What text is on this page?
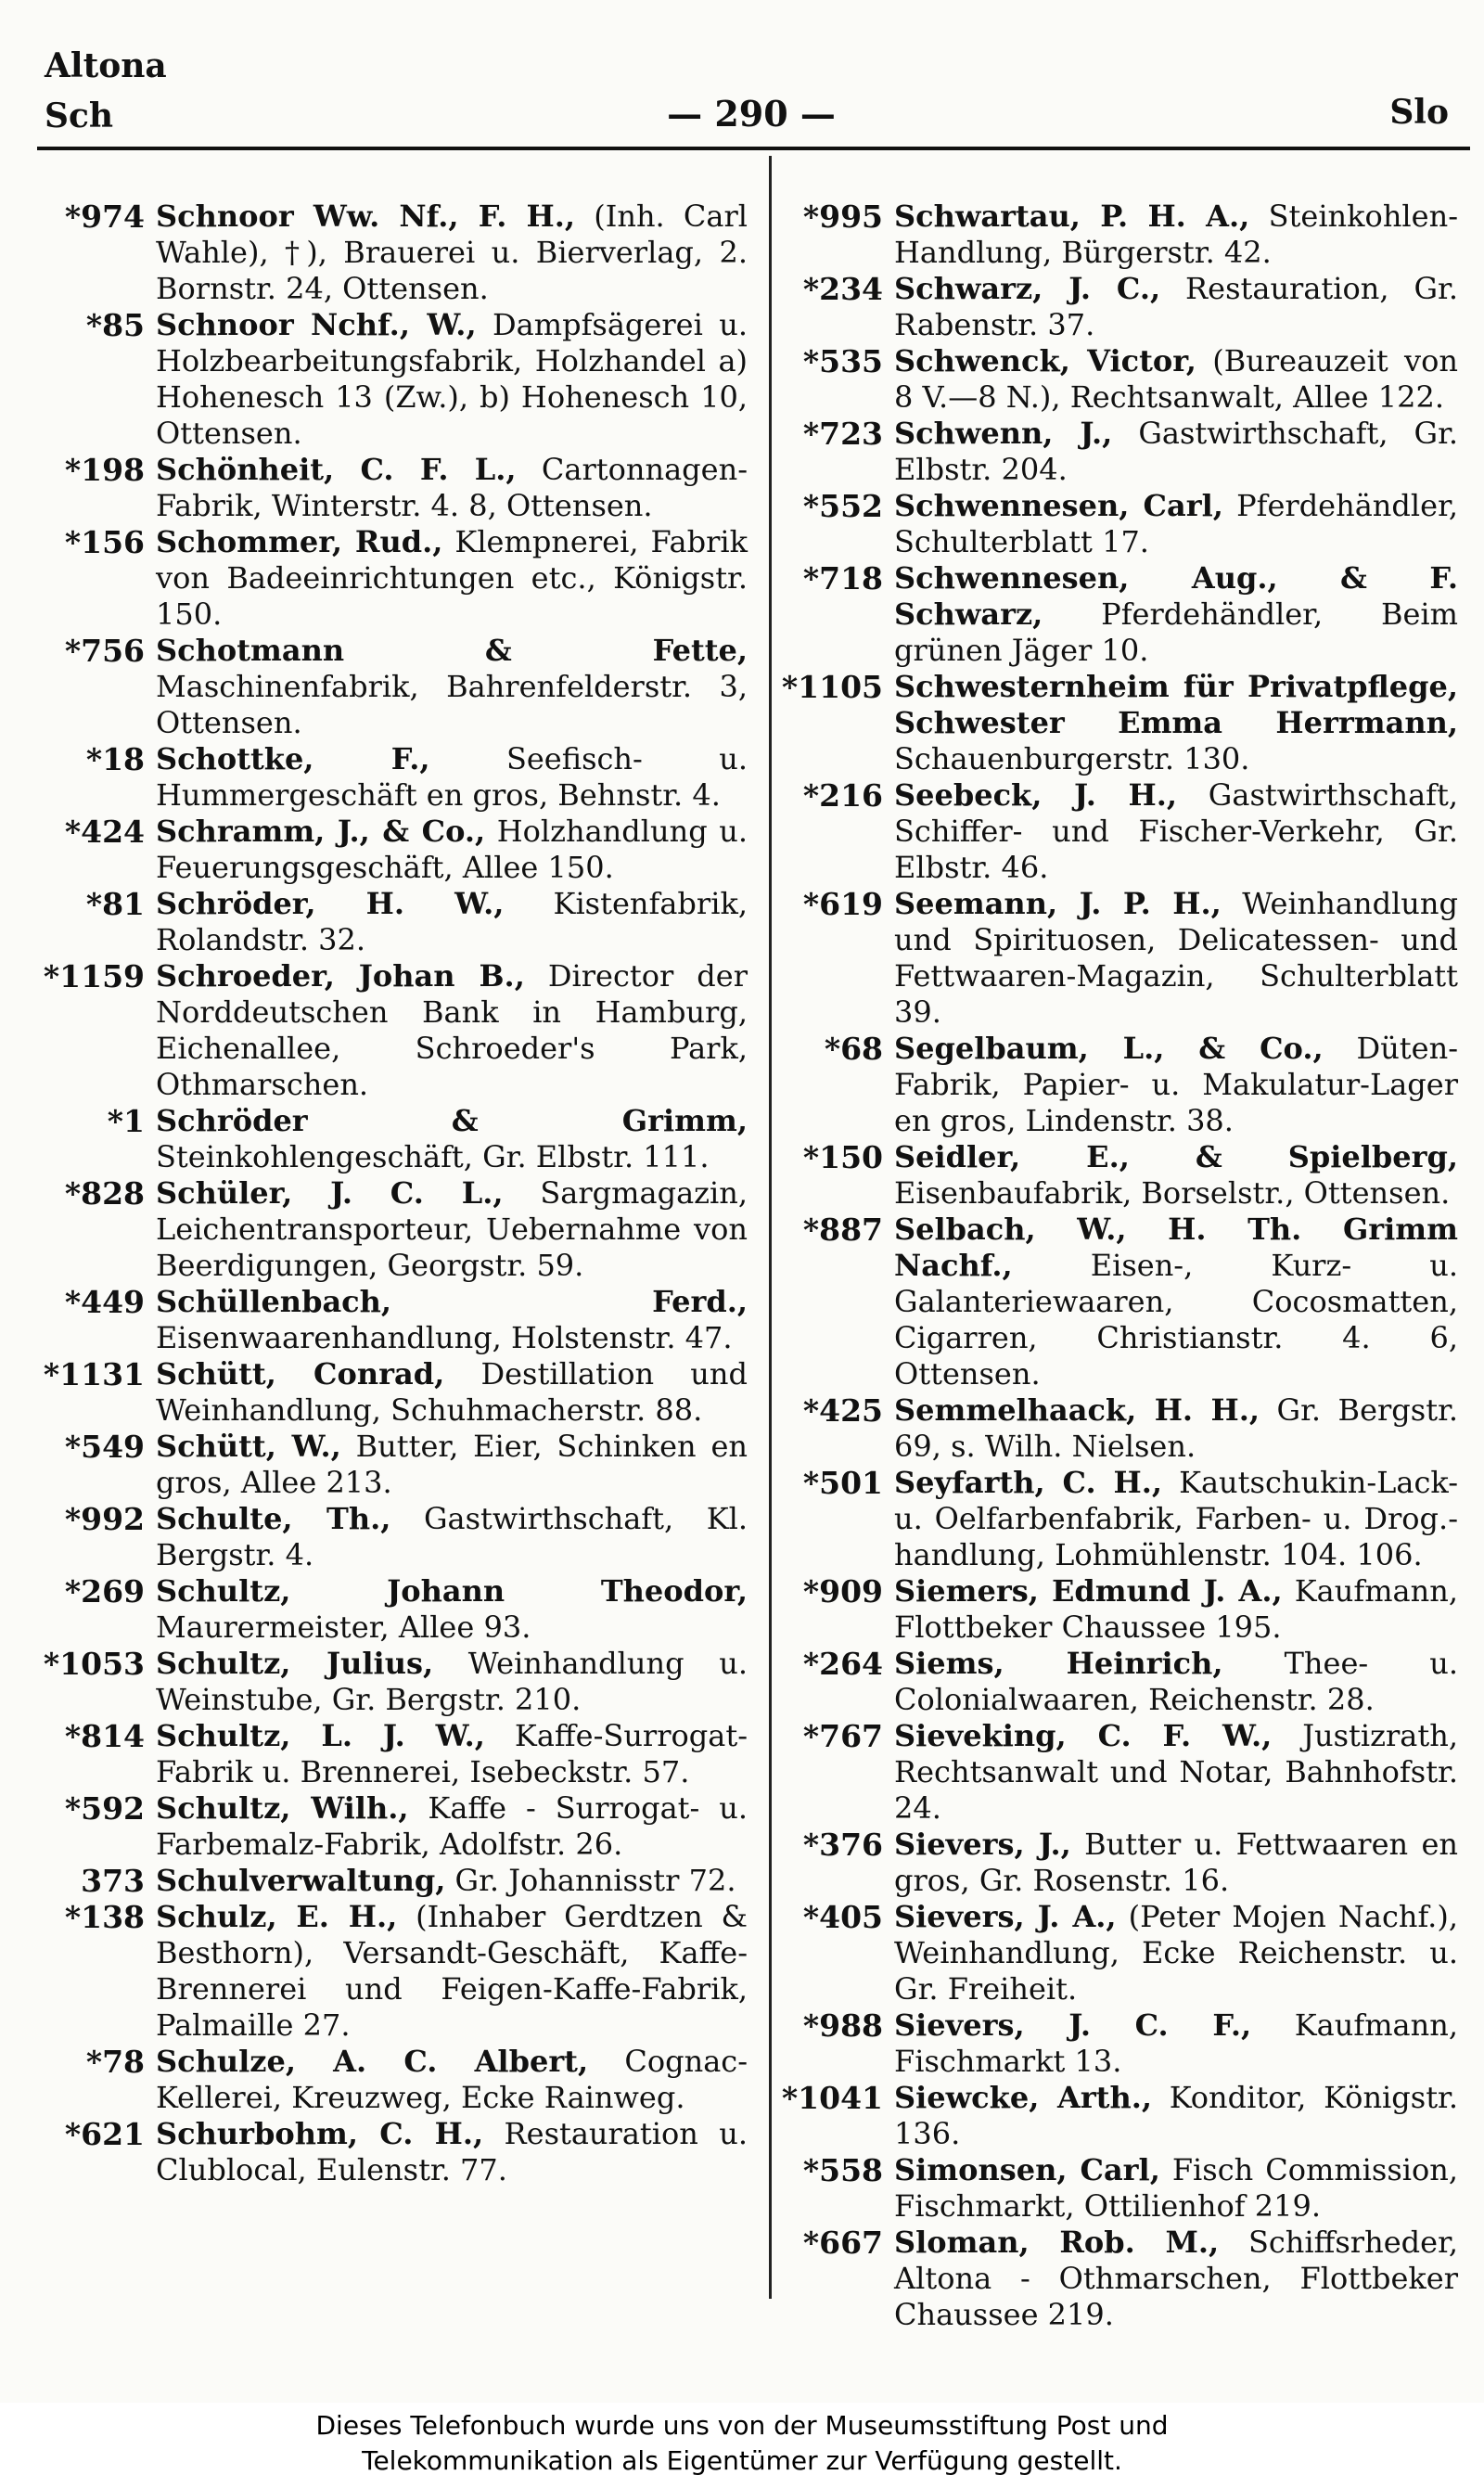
Altona
Sch	— 290 —	Slo
*974 Schnoor Ww. Nf., F. H., (Inh. Carl Wahle), †), Brauerei u. Bierverlag, 2. Bornstr. 24, Ottensen.
*85 Schnoor Nchf., W., Dampfsägerei u. Holzbearbeitungsfabrik, Holzhandel a) Hohenesch 13 (Zw.), b) Hohenesch 10, Ottensen.
*198 Schönheit, C. F. L., Cartonnagen-Fabrik, Winterstr. 4. 8, Ottensen.
*156 Schommer, Rud., Klempnerei, Fabrik von Badeeinrichtungen etc., Königstr. 150.
*756 Schotmann & Fette, Maschinenfabrik, Bahrenfelderstr. 3, Ottensen.
*18 Schottke, F.,	Seefisch- u. Hummergeschäft en gros, Behnstr. 4.
*424 Schramm, J., & Co., Holzhandlung u. Feuerungsgeschäft, Allee 150.
*81 Schröder, H. W., Kistenfabrik, Rolandstr. 32.
*1159 Schroeder, Johan B., Director der Norddeutschen Bank in Hamburg, Eichenallee, Schroeder's Park, Othmarschen.
*1 Schröder & Grimm, Steinkohlengeschäft, Gr. Elbstr. 111.
*828 Schüler, J. C. L., Sargmagazin, Leichentransporteur, Uebernahme von Beerdigungen, Georgstr. 59.
*449 Schüllenbach, Ferd., Eisenwaarenhandlung, Holstenstr. 47.
*1131 Schütt, Conrad, Destillation und Weinhandlung, Schuhmacherstr. 88.
*549 Schütt, W., Butter, Eier, Schinken en gros, Allee 213.
*992 Schulte, Th., Gastwirthschaft, Kl. Bergstr. 4.
*269 Schultz, Johann Theodor, Maurermeister, Allee 93.
*1053 Schultz, Julius, Weinhandlung u. Weinstube, Gr. Bergstr. 210.
*814 Schultz, L. J. W., Kaffe-Surrogat-Fabrik u. Brennerei, Isebeckstr. 57.
*592 Schultz, Wilh., Kaffe - Surrogat- u. Farbemalz-Fabrik, Adolfstr. 26.
373 Schulverwaltung, Gr. Johannisstr 72.
*138 Schulz, E. H., (Inhaber Gerdtzen & Besthorn), Versandt-Geschäft, Kaffe-Brennerei und Feigen-Kaffe-Fabrik, Palmaille 27.
*78 Schulze, A. C. Albert, Cognac-Kellerei, Kreuzweg, Ecke Rainweg.
*621 Schurbohm, C. H., Restauration u. Clublocal, Eulenstr. 77.
*995 Schwartau, P. H. A., Steinkohlen-Handlung, Bürgerstr. 42.
*234 Schwarz, J. C., Restauration, Gr. Rabenstr. 37.
*535 Schwenck, Victor, (Bureauzeit von 8 V.—8 N.), Rechtsanwalt, Allee 122.
*723 Schwenn, J., Gastwirthschaft, Gr. Elbstr. 204.
*552 Schwennesen, Carl, Pferdehändler, Schulterblatt 17.
*718 Schwennesen, Aug., & F. Schwarz, Pferdehändler, Beim grünen Jäger 10.
*1105 Schwesternheim für Privatpflege, Schwester Emma Herrmann, Schauenburgerstr. 130.
*216 Seebeck, J. H., Gastwirthschaft, Schiffer- und Fischer-Verkehr, Gr. Elbstr. 46.
*619 Seemann, J. P. H., Weinhandlung und Spirituosen, Delicatessen- und Fettwaaren-Magazin, Schulterblatt 39.
*68 Segelbaum, L., & Co., Düten-Fabrik, Papier- u. Makulatur-Lager en gros, Lindenstr. 38.
*150 Seidler, E., & Spielberg, Eisenbaufabrik, Borselstr., Ottensen.
*887 Selbach, W., H. Th. Grimm Nachf.,	Eisen-, Kurz- u. Galanteriewaaren, Cocosmatten, Cigarren, Christianstr. 4. 6, Ottensen.
*425 Semmelhaack, H. H., Gr. Bergstr. 69, s. Wilh. Nielsen.
*501 Seyfarth, C. H., Kautschukin-Lack- u. Oelfarbenfabrik, Farben- u. Drog.-handlung, Lohmühlenstr. 104. 106.
*909 Siemers, Edmund J. A., Kaufmann, Flottbeker Chaussee 195.
*264 Siems, Heinrich, Thee- u. Colonialwaaren, Reichenstr. 28.
*767 Sieveking, C. F. W., Justizrath, Rechtsanwalt und Notar, Bahnhofstr. 24.
*376 Sievers, J., Butter u. Fettwaaren en gros, Gr. Rosenstr. 16.
*405 Sievers, J. A., (Peter Mojen Nachf.), Weinhandlung, Ecke Reichenstr. u. Gr. Freiheit.
*988 Sievers, J. C. F., Kaufmann, Fischmarkt 13.
*1041 Siewcke, Arth., Konditor, Königstr. 136.
*558 Simonsen, Carl, Fisch Commission, Fischmarkt, Ottilienhof 219.
*667 Sloman, Rob. M., Schiffsrheder, Altona - Othmarschen, Flottbeker Chaussee 219.
Dieses Telefonbuch wurde uns von der Museumsstiftung Post und
Telekommunikation als Eigentümer zur Verfügung gestellt.
